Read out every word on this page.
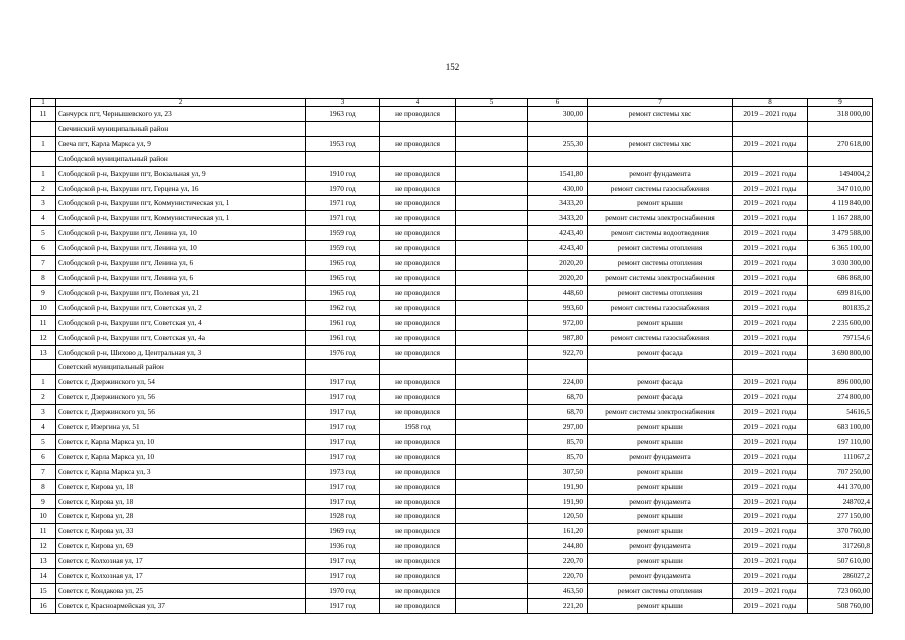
152
1	2	3	4	5	6	7	8	9
11	Санчурск пгт, Чернышевского ул, 23	1963 год	не проводился		300,00	ремонт системы хвс	2019 – 2021 годы	318 000,00
	Свечинский муниципальный район							
1	Свеча пгт, Карла Маркса ул, 9	1953 год	не проводился		255,30	ремонт системы хвс	2019 – 2021 годы	270 618,00
	Слободской муниципальный район							
1	Слободской р-н, Вахруши пгт, Вокзальная ул, 9	1910 год	не проводился		1541,80	ремонт фундамента	2019 – 2021 годы	1494004,2
2	Слободской р-н, Вахруши пгт, Герцена ул, 16	1970 год	не проводился		430,00	ремонт системы газоснабжения	2019 – 2021 годы	347 010,00
3	Слободской р-н, Вахруши пгт, Коммунистическая ул, 1	1971 год	не проводился		3433,20	ремонт крыши	2019 – 2021 годы	4 119 840,00
4	Слободской р-н, Вахруши пгт, Коммунистическая ул, 1	1971 год	не проводился		3433,20	ремонт системы электроснабжения	2019 – 2021 годы	1 167 288,00
5	Слободской р-н, Вахруши пгт, Ленина ул, 10	1959 год	не проводился		4243,40	ремонт системы водоотведения	2019 – 2021 годы	3 479 588,00
6	Слободской р-н, Вахруши пгт, Ленина ул, 10	1959 год	не проводился		4243,40	ремонт системы отопления	2019 – 2021 годы	6 365 100,00
7	Слободской р-н, Вахруши пгт, Ленина ул, 6	1965 год	не проводился		2020,20	ремонт системы отопления	2019 – 2021 годы	3 030 300,00
8	Слободской р-н, Вахруши пгт, Ленина ул, 6	1965 год	не проводился		2020,20	ремонт системы электроснабжения	2019 – 2021 годы	686 868,00
9	Слободской р-н, Вахруши пгт, Полевая ул, 21	1965 год	не проводился		448,60	ремонт системы отопления	2019 – 2021 годы	699 816,00
10	Слободской р-н, Вахруши пгт, Советская ул, 2	1962 год	не проводился		993,60	ремонт системы газоснабжения	2019 – 2021 годы	801835,2
11	Слободской р-н, Вахруши пгт, Советская ул, 4	1961 год	не проводился		972,00	ремонт крыши	2019 – 2021 годы	2 235 600,00
12	Слободской р-н, Вахруши пгт, Советская ул, 4а	1961 год	не проводился		987,80	ремонт системы газоснабжения	2019 – 2021 годы	797154,6
13	Слободской р-н, Шихово д, Центральная ул, 3	1976 год	не проводился		922,70	ремонт фасада	2019 – 2021 годы	3 690 800,00
	Советский муниципальный район							
1	Советск г, Дзержинского ул, 54	1917 год	не проводился		224,00	ремонт фасада	2019 – 2021 годы	896 000,00
2	Советск г, Дзержинского ул, 56	1917 год	не проводился		68,70	ремонт фасада	2019 – 2021 годы	274 800,00
3	Советск г, Дзержинского ул, 56	1917 год	не проводился		68,70	ремонт системы электроснабжения	2019 – 2021 годы	54616,5
4	Советск г, Изергина ул, 51	1917 год	1958 год		297,00	ремонт крыши	2019 – 2021 годы	683 100,00
5	Советск г, Карла Маркса ул, 10	1917 год	не проводился		85,70	ремонт крыши	2019 – 2021 годы	197 110,00
6	Советск г, Карла Маркса ул, 10	1917 год	не проводился		85,70	ремонт фундамента	2019 – 2021 годы	111067,2
7	Советск г, Карла Маркса ул, 3	1973 год	не проводился		307,50	ремонт крыши	2019 – 2021 годы	707 250,00
8	Советск г, Кирова ул, 18	1917 год	не проводился		191,90	ремонт крыши	2019 – 2021 годы	441 370,00
9	Советск г, Кирова ул, 18	1917 год	не проводился		191,90	ремонт фундамента	2019 – 2021 годы	248702,4
10	Советск г, Кирова ул, 28	1928 год	не проводился		120,50	ремонт крыши	2019 – 2021 годы	277 150,00
11	Советск г, Кирова ул, 33	1969 год	не проводился		161,20	ремонт крыши	2019 – 2021 годы	370 760,00
12	Советск г, Кирова ул, 69	1936 год	не проводился		244,80	ремонт фундамента	2019 – 2021 годы	317260,8
13	Советск г, Колхозная ул, 17	1917 год	не проводился		220,70	ремонт крыши	2019 – 2021 годы	507 610,00
14	Советск г, Колхозная ул, 17	1917 год	не проводился		220,70	ремонт фундамента	2019 – 2021 годы	286027,2
15	Советск г, Кондакова ул, 25	1970 год	не проводился		463,50	ремонт системы отопления	2019 – 2021 годы	723 060,00
16	Советск г, Красноармейская ул, 37	1917 год	не проводился		221,20	ремонт крыши	2019 – 2021 годы	508 760,00
